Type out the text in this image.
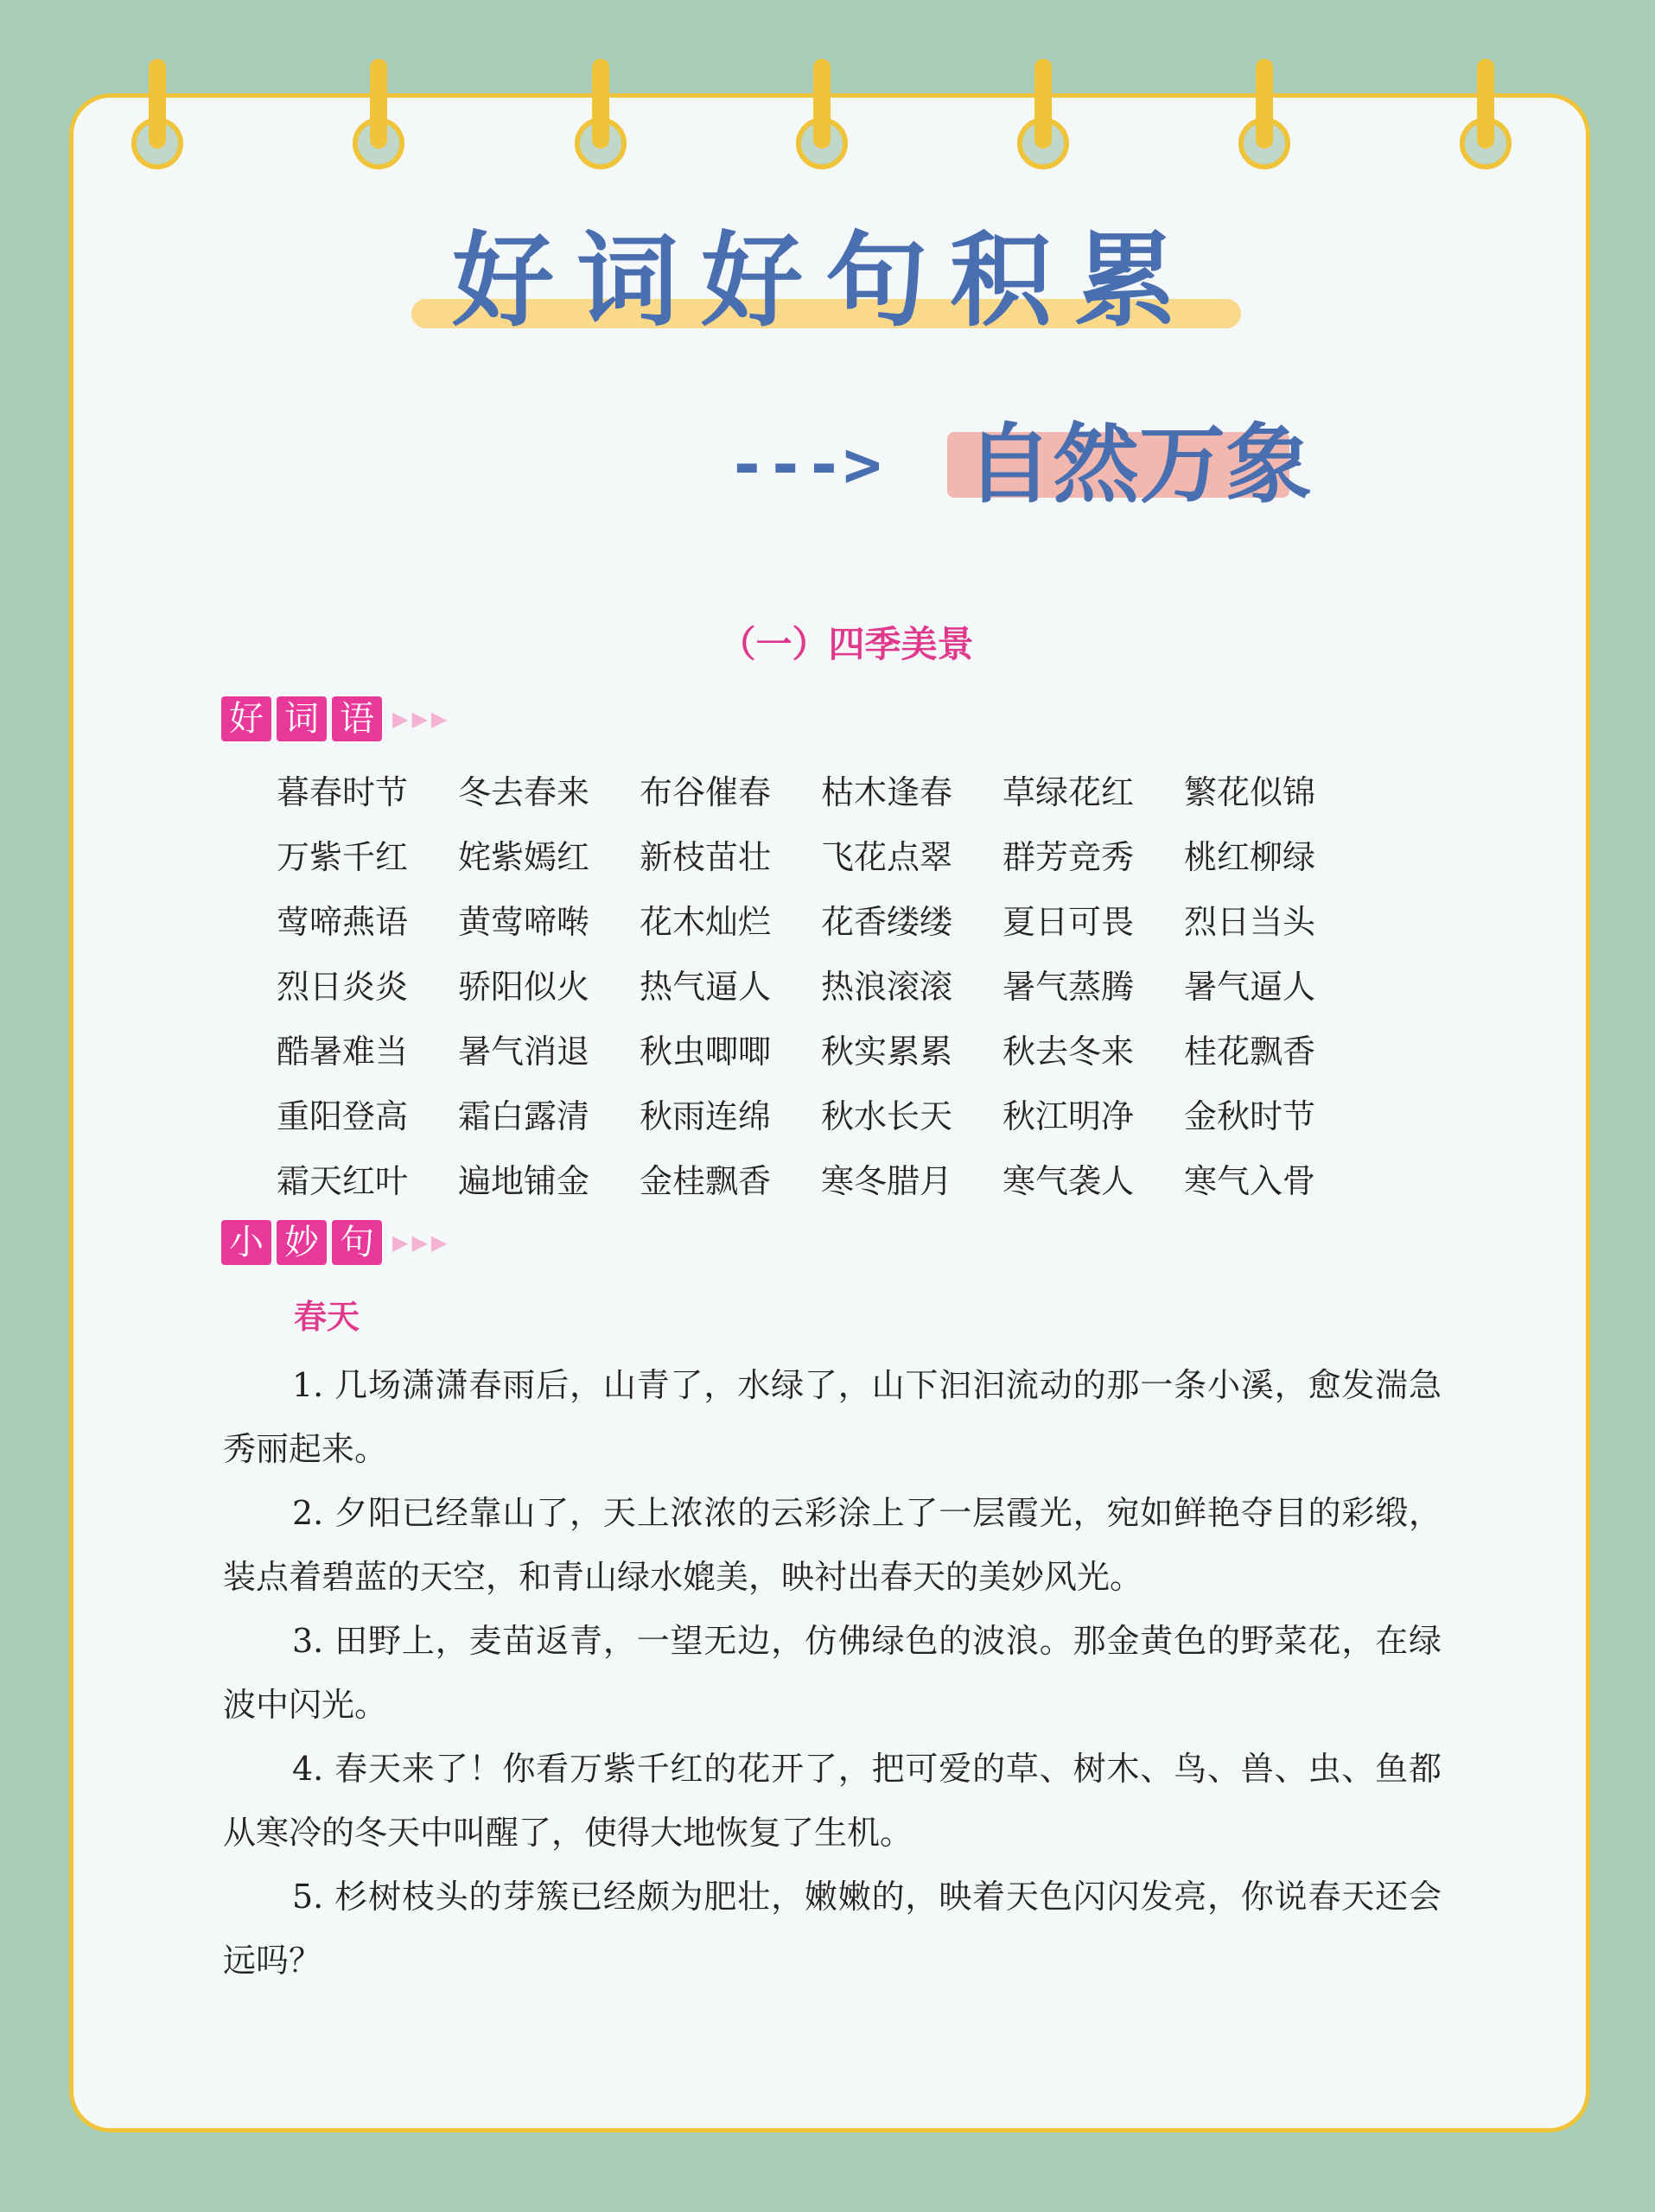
好词好句积累
---> 自然万象
（一）四季美景
好 词 语 ▶▶▶
暮春时节	冬去春来	布谷催春	枯木逢春	草绿花红	繁花似锦
万紫千红	姹紫嫣红	新枝苗壮	飞花点翠	群芳竞秀	桃红柳绿
莺啼燕语	黄莺啼啭	花木灿烂	花香缕缕	夏日可畏	烈日当头
烈日炎炎	骄阳似火	热气逼人	热浪滚滚	暑气蒸腾	暑气逼人
酷暑难当	暑气消退	秋虫唧唧	秋实累累	秋去冬来	桂花飘香
重阳登高	霜白露清	秋雨连绵	秋水长天	秋江明净	金秋时节
霜天红叶	遍地铺金	金桂飘香	寒冬腊月	寒气袭人	寒气入骨
小 妙 句 ▶▶▶
春天

1. 几场潇潇春雨后，山青了，水绿了，山下汩汩流动的那一条小溪，愈发湍急秀丽起来。

2. 夕阳已经靠山了，天上浓浓的云彩涂上了一层霞光，宛如鲜艳夺目的彩缎，装点着碧蓝的天空，和青山绿水媲美，映衬出春天的美妙风光。

3. 田野上，麦苗返青，一望无边，仿佛绿色的波浪。那金黄色的野菜花，在绿波中闪光。

4. 春天来了！你看万紫千红的花开了，把可爱的草、树木、鸟、兽、虫、鱼都从寒冷的冬天中叫醒了，使得大地恢复了生机。

5. 杉树枝头的芽簇已经颇为肥壮，嫩嫩的，映着天色闪闪发亮，你说春天还会远吗？
